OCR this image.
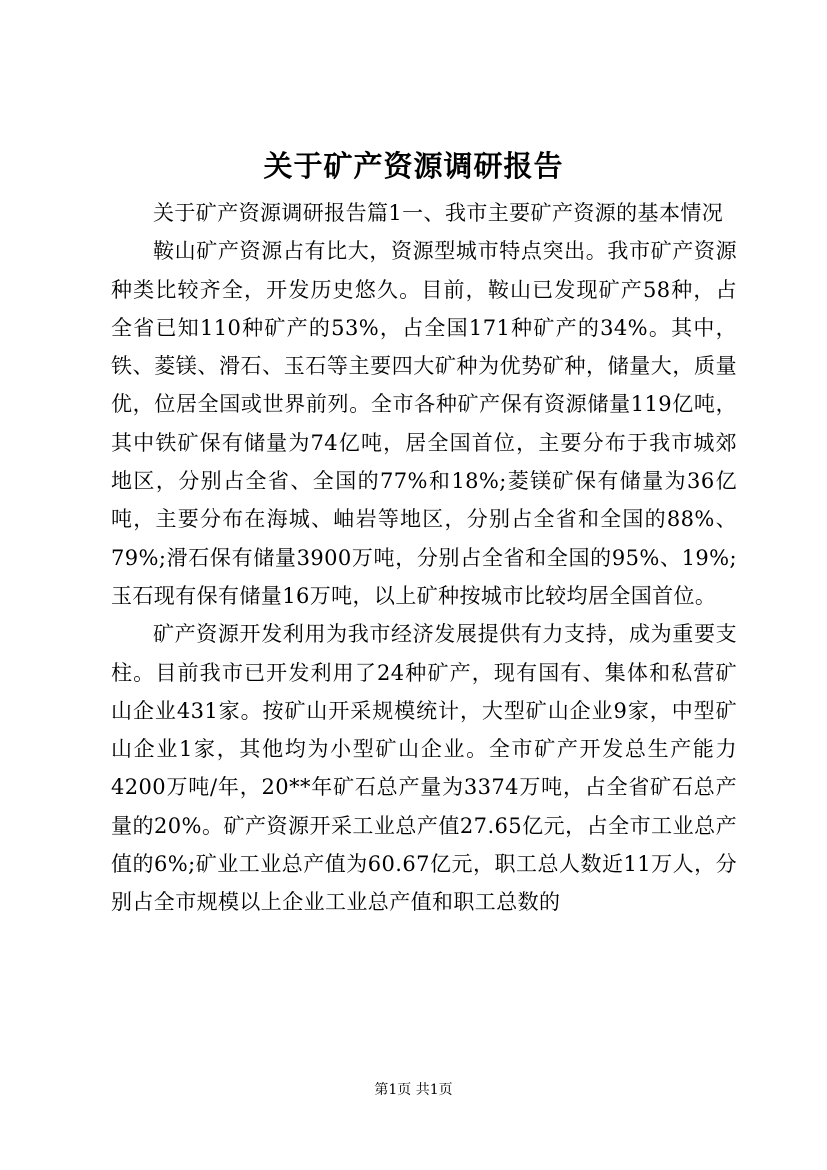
关于矿产资源调研报告

关于矿产资源调研报告篇1一、我市主要矿产资源的基本情况

鞍山矿产资源占有比大，资源型城市特点突出。我市矿产资源种类比较齐全，开发历史悠久。目前，鞍山已发现矿产58种，占全省已知110种矿产的53%，占全国171种矿产的34%。其中，铁、菱镁、滑石、玉石等主要四大矿种为优势矿种，储量大，质量优，位居全国或世界前列。全市各种矿产保有资源储量119亿吨，其中铁矿保有储量为74亿吨，居全国首位，主要分布于我市城郊地区，分别占全省、全国的77%和18%;菱镁矿保有储量为36亿吨，主要分布在海城、岫岩等地区，分别占全省和全国的88%、79%;滑石保有储量3900万吨，分别占全省和全国的95%、19%;玉石现有保有储量16万吨，以上矿种按城市比较均居全国首位。

矿产资源开发利用为我市经济发展提供有力支持，成为重要支柱。目前我市已开发利用了24种矿产，现有国有、集体和私营矿山企业431家。按矿山开采规模统计，大型矿山企业9家，中型矿山企业1家，其他均为小型矿山企业。全市矿产开发总生产能力4200万吨/年，20**年矿石总产量为3374万吨，占全省矿石总产量的20%。矿产资源开采工业总产值27.65亿元，占全市工业总产值的6%;矿业工业总产值为60.67亿元，职工总人数近11万人，分别占全市规模以上企业工业总产值和职工总数的

第1页 共1页
